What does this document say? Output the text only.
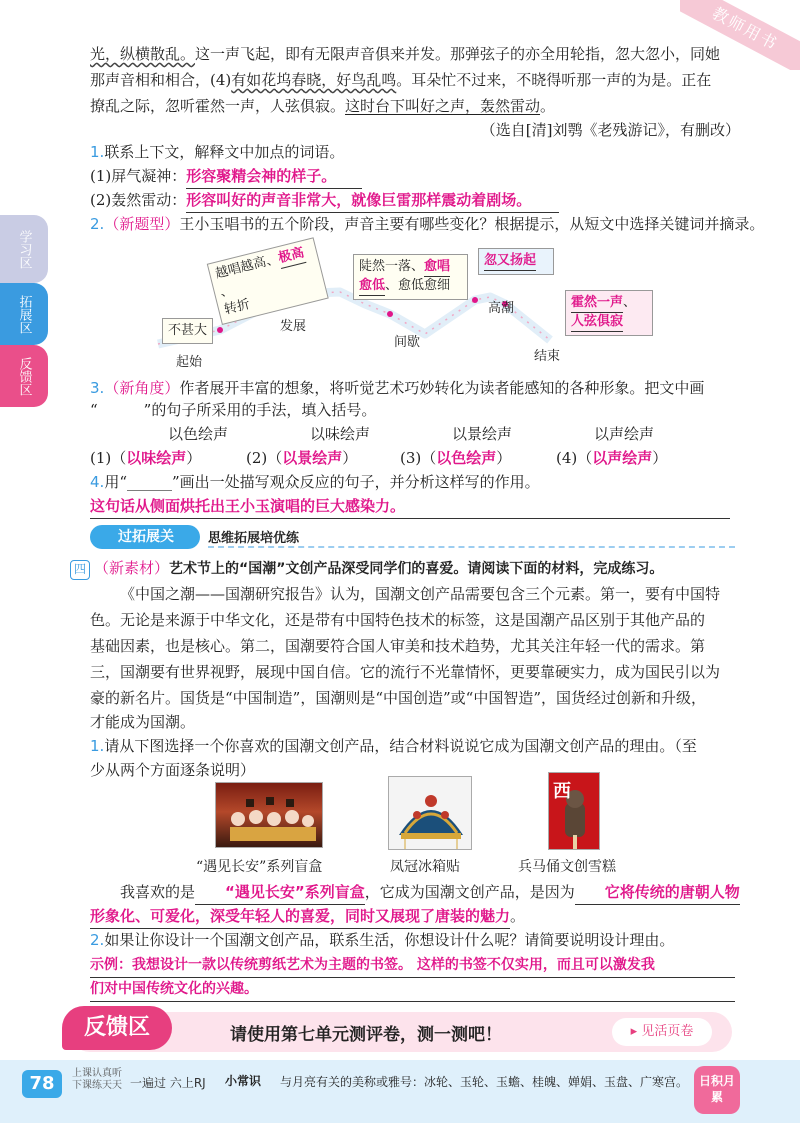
教师用书
学习区
拓展区
反馈区
光，纵横散乱。这一声飞起，即有无限声音俱来并发。那弹弦子的亦全用轮指，忽大忽小，同她
那声音相和相合，(4)有如花坞春晓，好鸟乱鸣。耳朵忙不过来，不晓得听那一声的为是。正在
撩乱之际，忽听霍然一声，人弦俱寂。这时台下叫好之声，轰然雷动。
（选自[清]刘鹗《老残游记》，有删改）
1.联系上下文，解释文中加点的词语。
(1)屏气凝神：形容聚精会神的样子。
(2)轰然雷动：形容叫好的声音非常大，就像巨雷那样震动着剧场。
2.（新题型）王小玉唱书的五个阶段，声音主要有哪些变化？根据提示，从短文中选择关键词并摘录。
不甚大
越唱越高、极高、
转折
陡然一落、愈唱
愈低、愈低愈细
忽又扬起
霍然一声、
人弦俱寂
起始
发展
间歇
高潮
结束
3.（新角度）作者展开丰富的想象，将听觉艺术巧妙转化为读者能感知的各种形象。把文中画
“	”的句子所采用的手法，填入括号。
以色绘声	以味绘声	以景绘声	以声绘声
(1)（以味绘声）	(2)（以景绘声）	(3)（以色绘声）	(4)（以声绘声）
4.用“______”画出一处描写观众反应的句子，并分析这样写的作用。
这句话从侧面烘托出王小玉演唱的巨大感染力。
过拓展关	思维拓展培优练
四 （新素材）艺术节上的“国潮”文创产品深受同学们的喜爱。请阅读下面的材料，完成练习。
《中国之潮——国潮研究报告》认为，国潮文创产品需要包含三个元素。第一，要有中国特
色。无论是来源于中华文化，还是带有中国特色技术的标签，这是国潮产品区别于其他产品的
基础因素，也是核心。第二，国潮要符合国人审美和技术趋势，尤其关注年轻一代的需求。第
三，国潮要有世界视野，展现中国自信。它的流行不光靠情怀，更要靠硬实力，成为国民引以为
豪的新名片。国货是“中国制造”，国潮则是“中国创造”或“中国智造”，国货经过创新和升级，
才能成为国潮。
1.请从下图选择一个你喜欢的国潮文创产品，结合材料说说它成为国潮文创产品的理由。（至
少从两个方面逐条说明）
西
“遇见长安”系列盲盒	凤冠冰箱贴	兵马俑文创雪糕
我喜欢的是 “遇见长安”系列盲盒，它成为国潮文创产品，是因为 它将传统的唐朝人物
形象化、可爱化，深受年轻人的喜爱，同时又展现了唐装的魅力。
2.如果让你设计一个国潮文创产品，联系生活，你想设计什么呢？请简要说明设计理由。
示例：我想设计一款以传统剪纸艺术为主题的书签。 这样的书签不仅实用，而且可以激发我
们对中国传统文化的兴趣。
反馈区	请使用第七单元测评卷，测一测吧！	▸ 见活页卷
78	上课认真听
下课练天天 一遍过 六上RJ 小常识 与月亮有关的美称或雅号：冰轮、玉轮、玉蟾、桂魄、婵娟、玉盘、广寒宫。 日积月累
